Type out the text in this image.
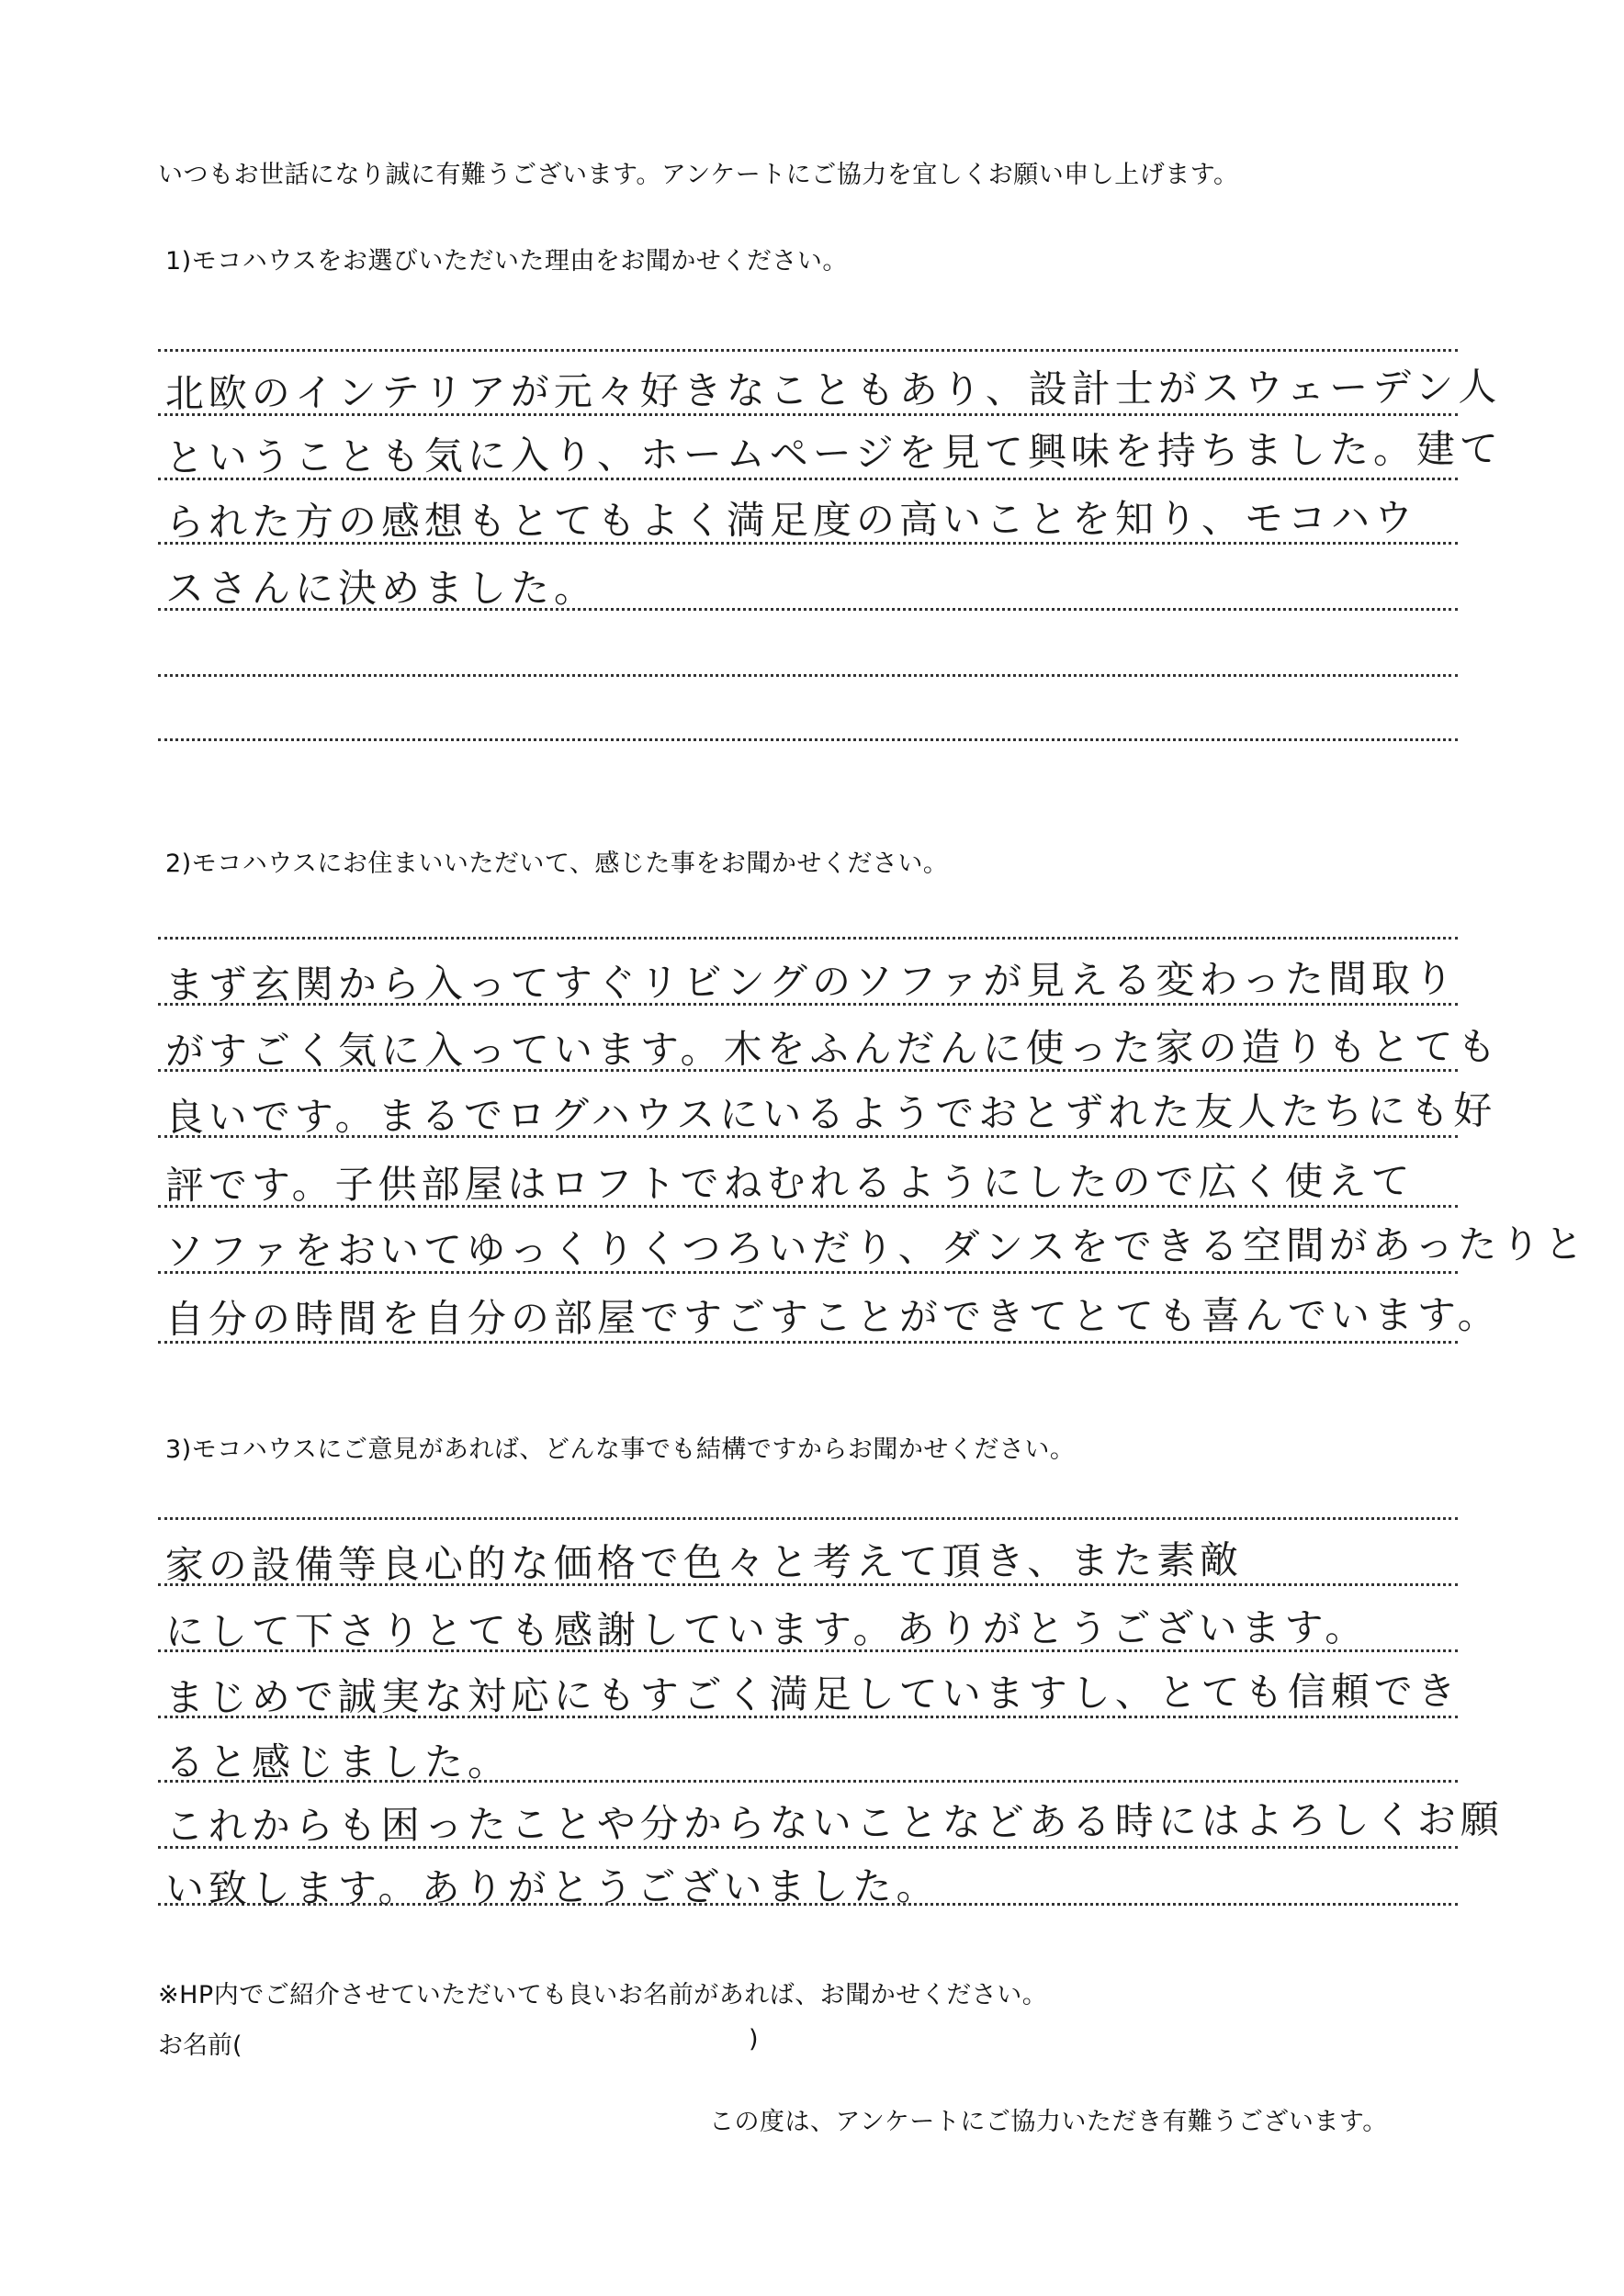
いつもお世話になり誠に有難うございます。アンケートにご協力を宜しくお願い申し上げます。
1)モコハウスをお選びいただいた理由をお聞かせください。
北欧のインテリアが元々好きなこともあり、設計士がスウェーデン人
ということも気に入り、ホームページを見て興味を持ちました。建て
られた方の感想もとてもよく満足度の高いことを知り、モコハウ
スさんに決めました。
2)モコハウスにお住まいいただいて、感じた事をお聞かせください。
まず玄関から入ってすぐリビングのソファが見える変わった間取り
がすごく気に入っています。木をふんだんに使った家の造りもとても
良いです。まるでログハウスにいるようでおとずれた友人たちにも好
評です。子供部屋はロフトでねむれるようにしたので広く使えて
ソファをおいてゆっくりくつろいだり、ダンスをできる空間があったりと
自分の時間を自分の部屋ですごすことができてとても喜んでいます。
3)モコハウスにご意見があれば、どんな事でも結構ですからお聞かせください。
家の設備等良心的な価格で色々と考えて頂き、また素敵
にして下さりとても感謝しています。ありがとうございます。
まじめで誠実な対応にもすごく満足していますし、とても信頼でき
ると感じました。
これからも困ったことや分からないことなどある時にはよろしくお願
い致します。ありがとうございました。
※HP内でご紹介させていただいても良いお名前があれば、お聞かせください。
お名前(	)
この度は、アンケートにご協力いただき有難うございます。
